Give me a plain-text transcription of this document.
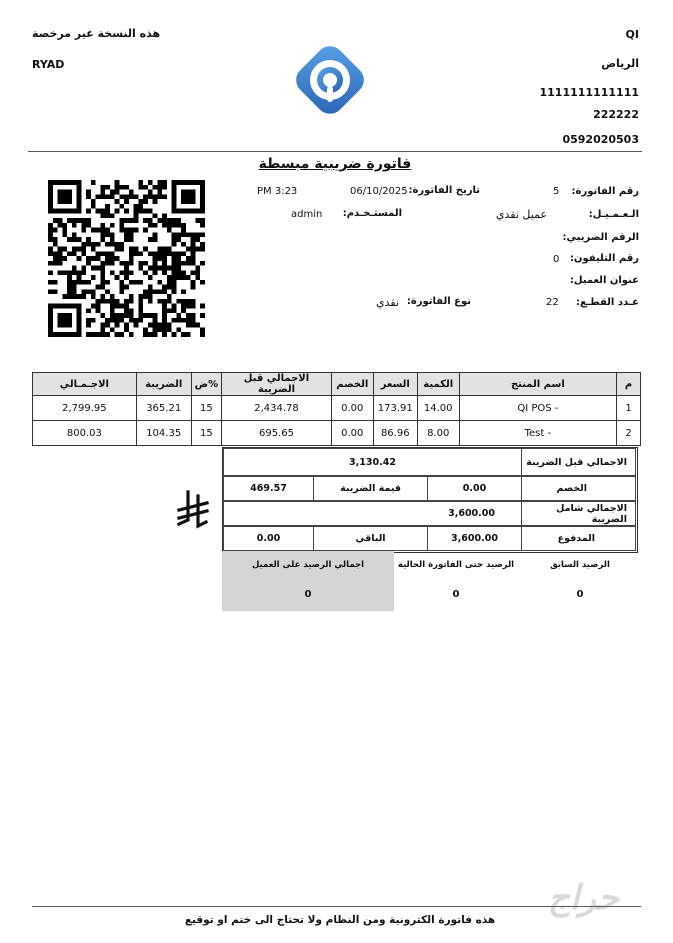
هذه النسخة غير مرخصة
RYAD
QI
الرياض
1111111111111
222222
0592020503
فاتورة ضريبية مبسطة
رقم الفاتورة:
5
تاريخ الفاتورة:
06/10/2025
PM 3:23
الـعـمـيـل:
عميل نقدي
المستـخـدم:
admin
الرقم الضريبي:
رقم التليفون:
0
عنوان العميل:
عـدد القطـع:
22
نوع الفاتورة:
نقدي
الاجـمـالي	الضريبة	ض%	الاجمالي قبل الضريبة	الخصم	السعر	الكمية	اسم المنتج	م
2,799.95	365.21	15	2,434.78	0.00	173.91	14.00	QI POS -	1
800.03	104.35	15	695.65	0.00	86.96	8.00	Test -	2
الاجمالي قبل الضريبة
3,130.42
الخصم
0.00
قيمة الضريبة
469.57
الاجمالي شامل الضريبة
3,600.00
المدفوع
3,600.00
الباقي
0.00
اجمالي الرصيد على العميل
0
الرصيد حتى الفاتورة الحالية
0
الرصيد السابق
0
هذه فاتورة الكترونية ومن النظام ولا تحتاج الى ختم او توقيع
حراج
